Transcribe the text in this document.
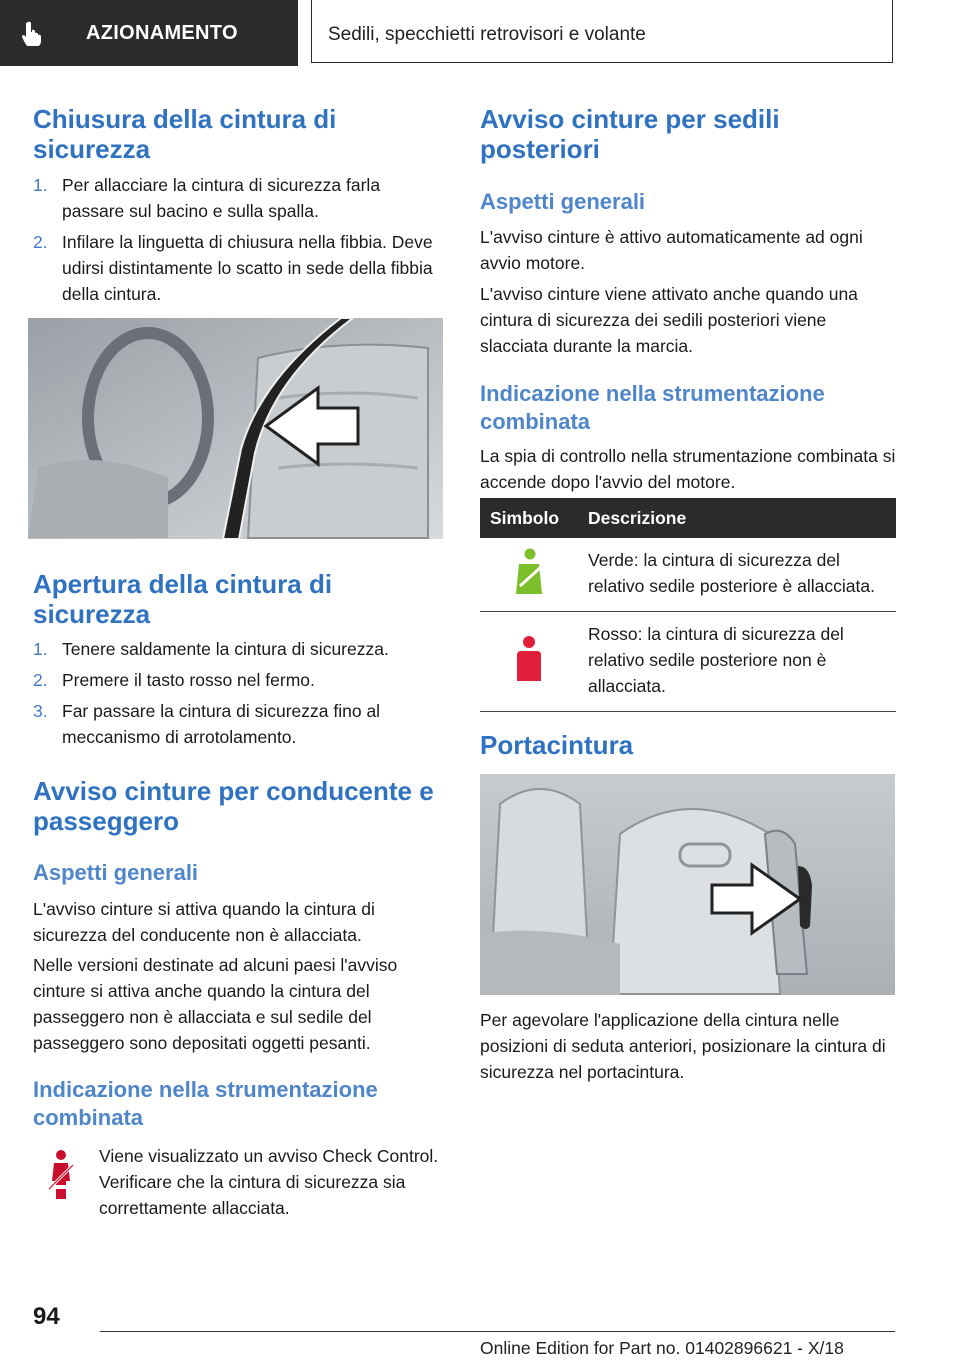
AZIONAMENTO	Sedili, specchietti retrovisori e volante
Chiusura della cintura di sicurezza
1. Per allacciare la cintura di sicurezza farla passare sul bacino e sulla spalla.
2. Infilare la linguetta di chiusura nella fibbia. Deve udirsi distintamente lo scatto in sede della fibbia della cintura.
Apertura della cintura di sicurezza
1. Tenere saldamente la cintura di sicurezza.
2. Premere il tasto rosso nel fermo.
3. Far passare la cintura di sicurezza fino al meccanismo di arrotolamento.
Avviso cinture per conducente e passeggero
Aspetti generali

L'avviso cinture si attiva quando la cintura di sicurezza del conducente non è allacciata.

Nelle versioni destinate ad alcuni paesi l'avviso cinture si attiva anche quando la cintura del passeggero non è allacciata e sul sedile del passeggero sono depositati oggetti pesanti.

Indicazione nella strumentazione combinata

Viene visualizzato un avviso Check Control. Verificare che la cintura di sicurezza sia correttamente allacciata.

Avviso cinture per sedili posteriori
Aspetti generali

L'avviso cinture è attivo automaticamente ad ogni avvio motore.

L'avviso cinture viene attivato anche quando una cintura di sicurezza dei sedili posteriori viene slacciata durante la marcia.

Indicazione nella strumentazione combinata

La spia di controllo nella strumentazione combinata si accende dopo l'avvio del motore.

Simbolo	Descrizione
	Verde: la cintura di sicurezza del relativo sedile posteriore è allacciata.
	Rosso: la cintura di sicurezza del relativo sedile posteriore non è allacciata.
Portacintura

Per agevolare l'applicazione della cintura nelle posizioni di seduta anteriori, posizionare la cintura di sicurezza nel portacintura.

94
Online Edition for Part no. 01402896621 - X/18
